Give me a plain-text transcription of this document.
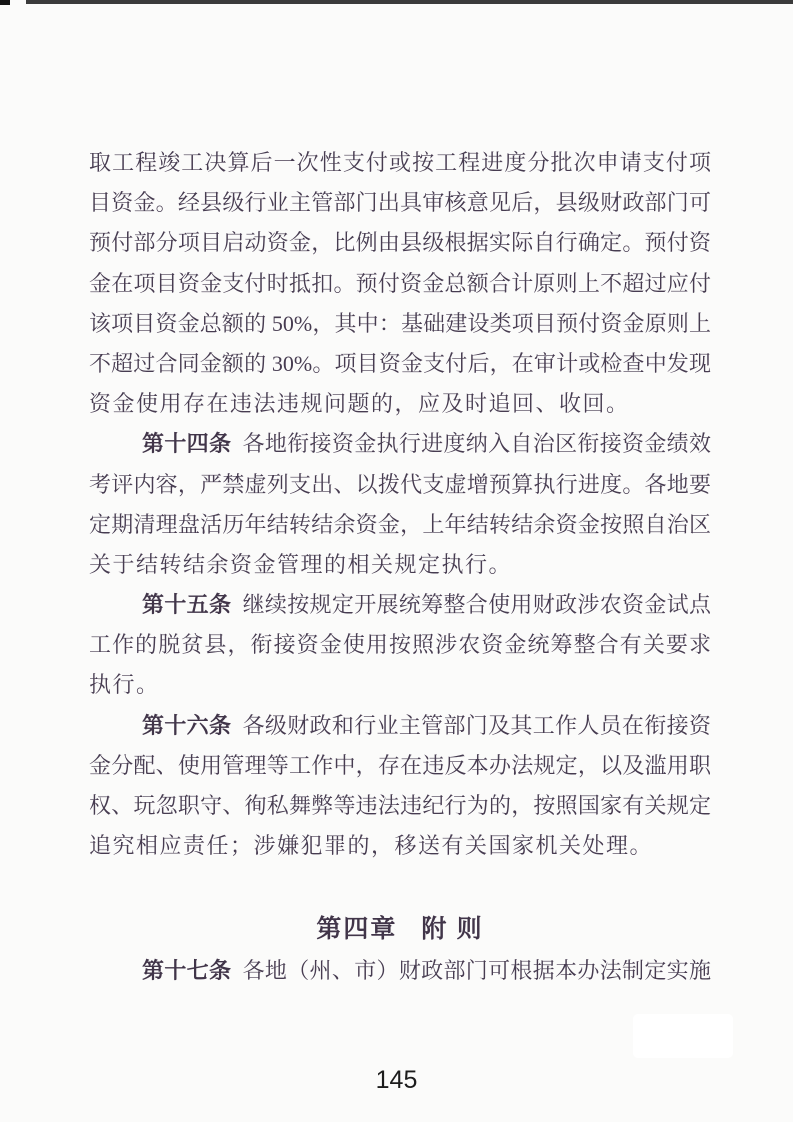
取工程竣工决算后一次性支付或按工程进度分批次申请支付项
目资金。经县级行业主管部门出具审核意见后，县级财政部门可
预付部分项目启动资金，比例由县级根据实际自行确定。预付资
金在项目资金支付时抵扣。预付资金总额合计原则上不超过应付
该项目资金总额的 50%，其中：基础建设类项目预付资金原则上
不超过合同金额的 30%。项目资金支付后，在审计或检查中发现
资金使用存在违法违规问题的，应及时追回、收回。
第十四条 各地衔接资金执行进度纳入自治区衔接资金绩效
考评内容，严禁虚列支出、以拨代支虚增预算执行进度。各地要
定期清理盘活历年结转结余资金，上年结转结余资金按照自治区
关于结转结余资金管理的相关规定执行。
第十五条 继续按规定开展统筹整合使用财政涉农资金试点
工作的脱贫县，衔接资金使用按照涉农资金统筹整合有关要求
执行。
第十六条 各级财政和行业主管部门及其工作人员在衔接资
金分配、使用管理等工作中，存在违反本办法规定，以及滥用职
权、玩忽职守、徇私舞弊等违法违纪行为的，按照国家有关规定
追究相应责任；涉嫌犯罪的，移送有关国家机关处理。
第四章 附 则
第十七条 各地（州、市）财政部门可根据本办法制定实施
145
